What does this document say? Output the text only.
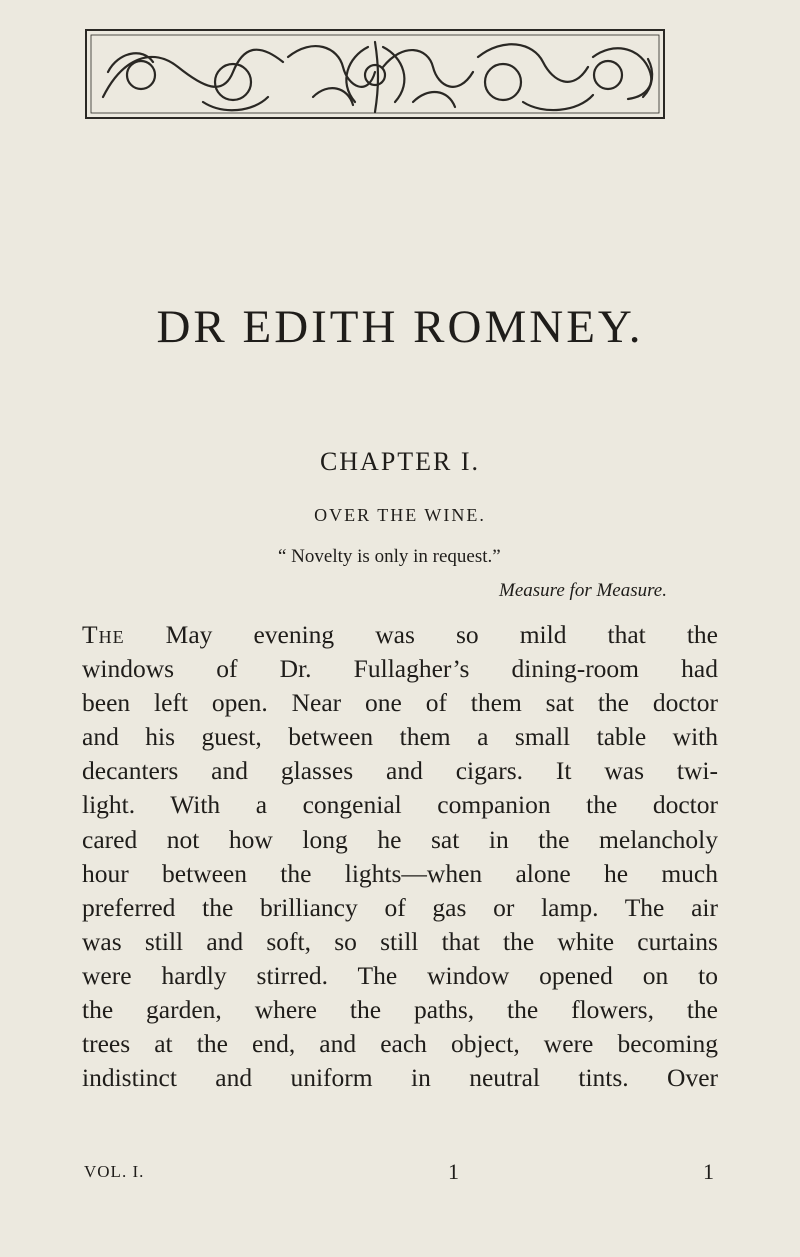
DR EDITH ROMNEY.
CHAPTER I.
OVER THE WINE.
“ Novelty is only in request.”
Measure for Measure.
The May evening was so mild that the
windows of Dr. Fullagher’s dining-room had
been left open. Near one of them sat the doctor
and his guest, between them a small table with
decanters and glasses and cigars. It was twi-
light. With a congenial companion the doctor
cared not how long he sat in the melancholy
hour between the lights—when alone he much
preferred the brilliancy of gas or lamp. The air
was still and soft, so still that the white curtains
were hardly stirred. The window opened on to
the garden, where the paths, the flowers, the
trees at the end, and each object, were becoming
indistinct and uniform in neutral tints. Over
VOL. I.	1	1
